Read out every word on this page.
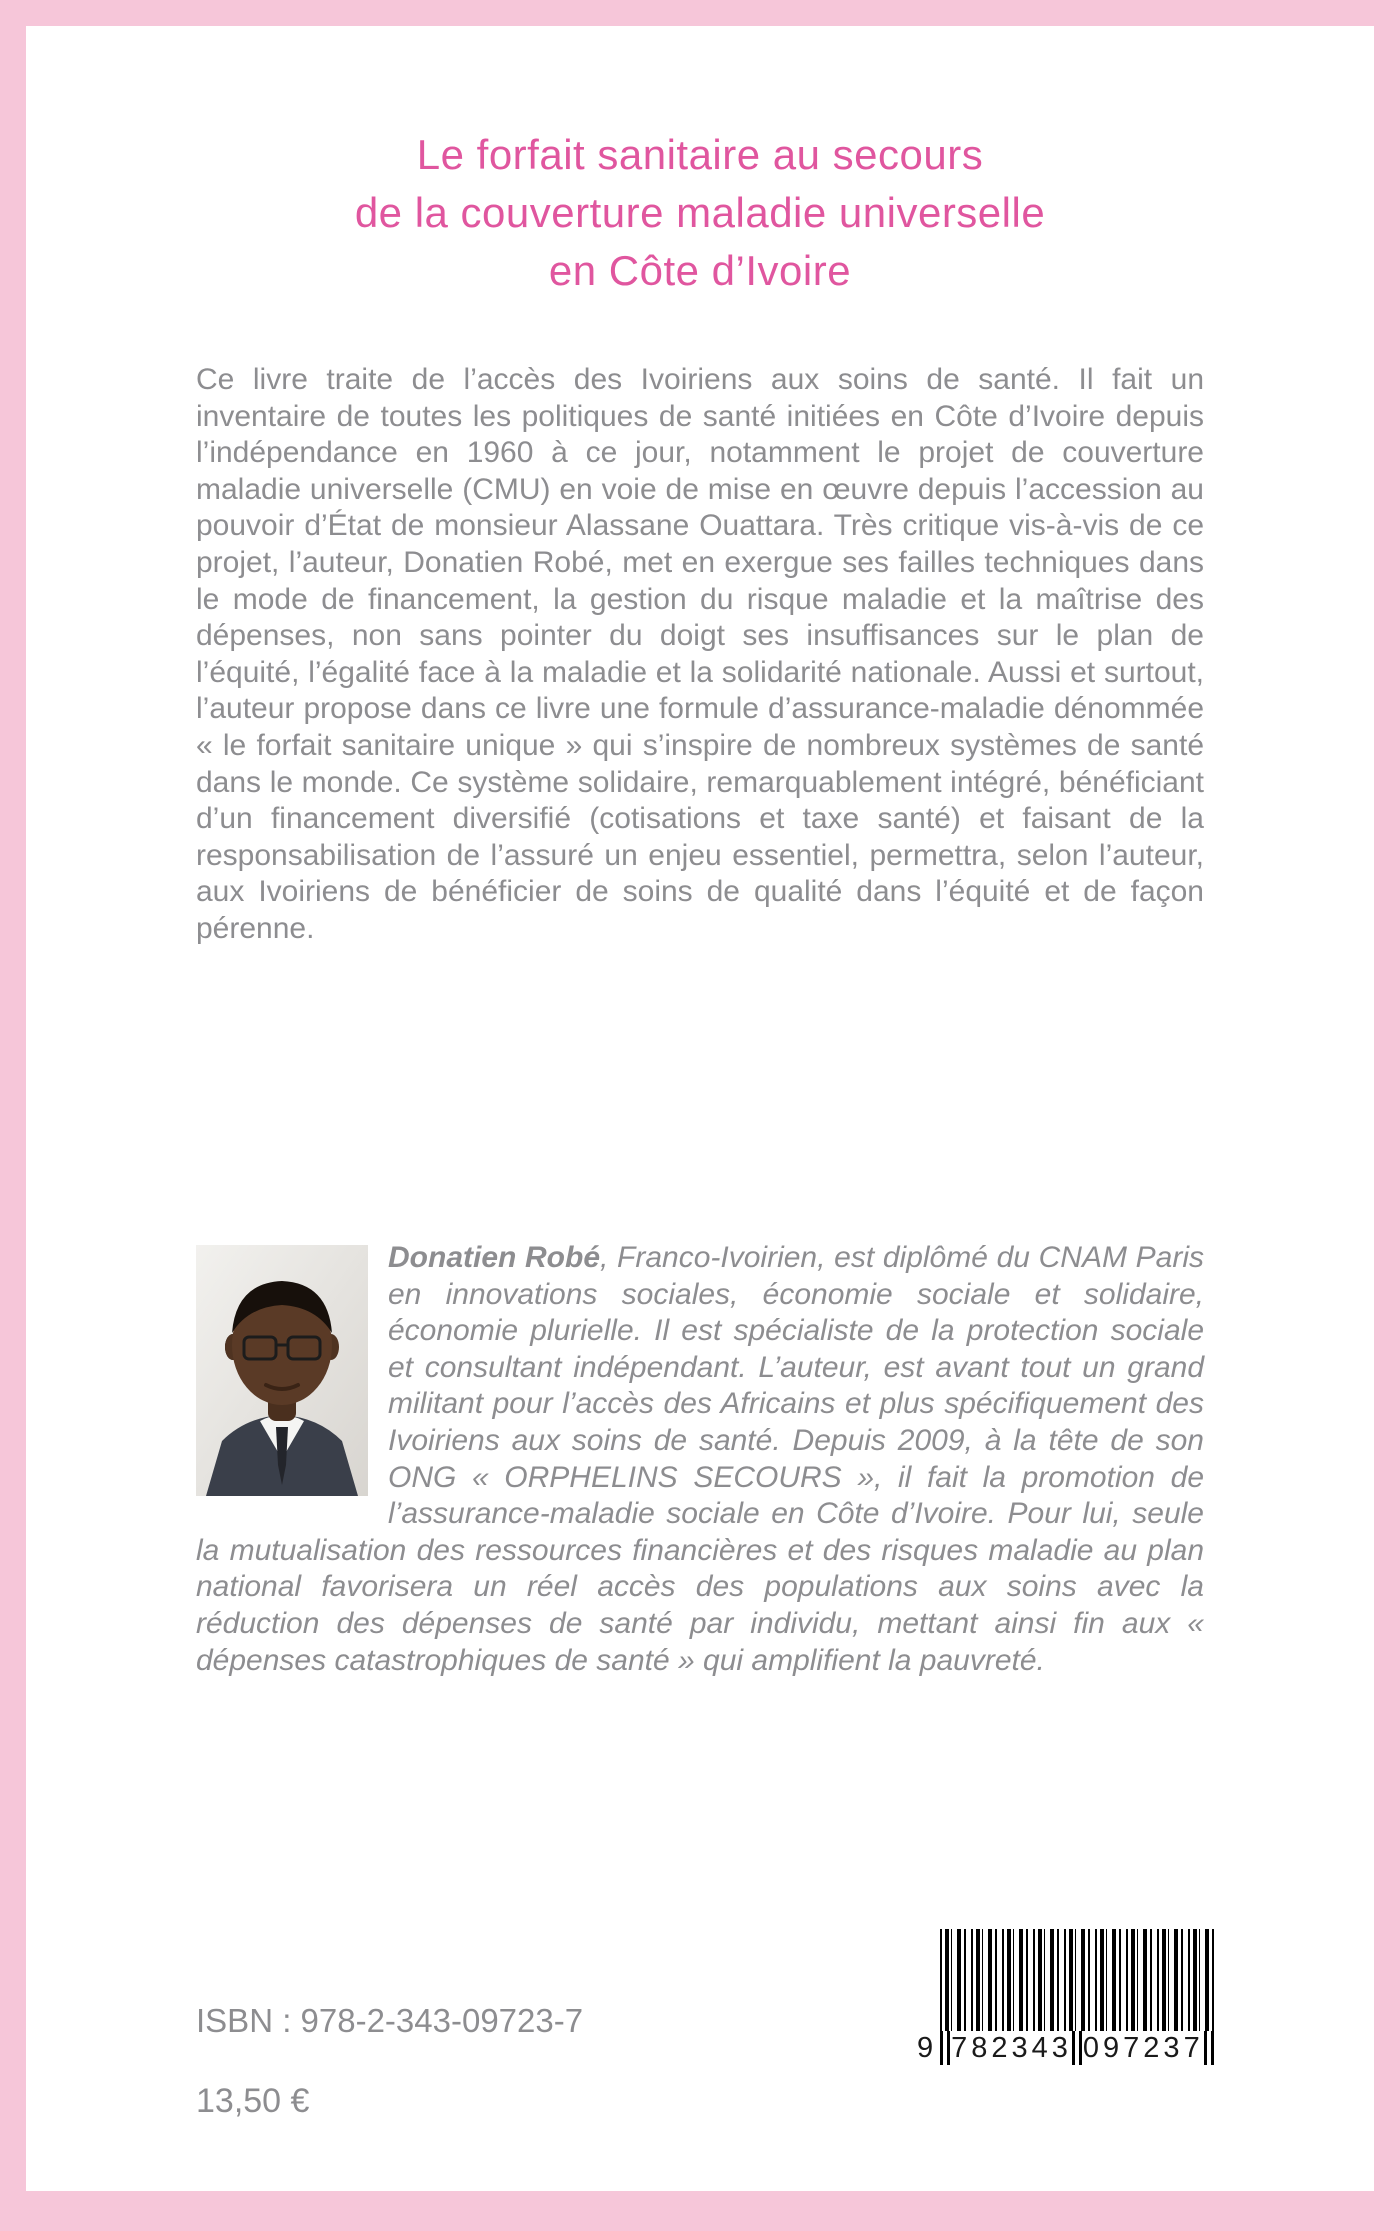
Le forfait sanitaire au secours
de la couverture maladie universelle
en Côte d’Ivoire

Ce livre traite de l’accès des Ivoiriens aux soins de santé. Il fait un inventaire de toutes les politiques de santé initiées en Côte d’Ivoire depuis l’indépendance en 1960 à ce jour, notamment le projet de couverture maladie universelle (CMU) en voie de mise en œuvre depuis l’accession au pouvoir d’État de monsieur Alassane Ouattara. Très critique vis-à-vis de ce projet, l’auteur, Donatien Robé, met en exergue ses failles techniques dans le mode de financement, la gestion du risque maladie et la maîtrise des dépenses, non sans pointer du doigt ses insuffisances sur le plan de l’équité, l’égalité face à la maladie et la solidarité nationale. Aussi et surtout, l’auteur propose dans ce livre une formule d’assurance-maladie dénommée « le forfait sanitaire unique » qui s’inspire de nombreux systèmes de santé dans le monde. Ce système solidaire, remarquablement intégré, bénéficiant d’un financement diversifié (cotisations et taxe santé) et faisant de la responsabilisation de l’assuré un enjeu essentiel, permettra, selon l’auteur, aux Ivoiriens de bénéficier de soins de qualité dans l’équité et de façon pérenne.

Donatien Robé, Franco-Ivoirien, est diplômé du CNAM Paris en innovations sociales, économie sociale et solidaire, économie plurielle. Il est spécialiste de la protection sociale et consultant indépendant. L’auteur, est avant tout un grand militant pour l’accès des Africains et plus spécifiquement des Ivoiriens aux soins de santé. Depuis 2009, à la tête de son ONG « ORPHELINS SECOURS », il fait la promotion de l’assurance-maladie sociale en Côte d’Ivoire. Pour lui, seule la mutualisation des ressources financières et des risques maladie au plan national favorisera un réel accès des populations aux soins avec la réduction des dépenses de santé par individu, mettant ainsi fin aux « dépenses catastrophiques de santé » qui amplifient la pauvreté.

ISBN : 978-2-343-09723-7
13,50 €
9 782343 097237
